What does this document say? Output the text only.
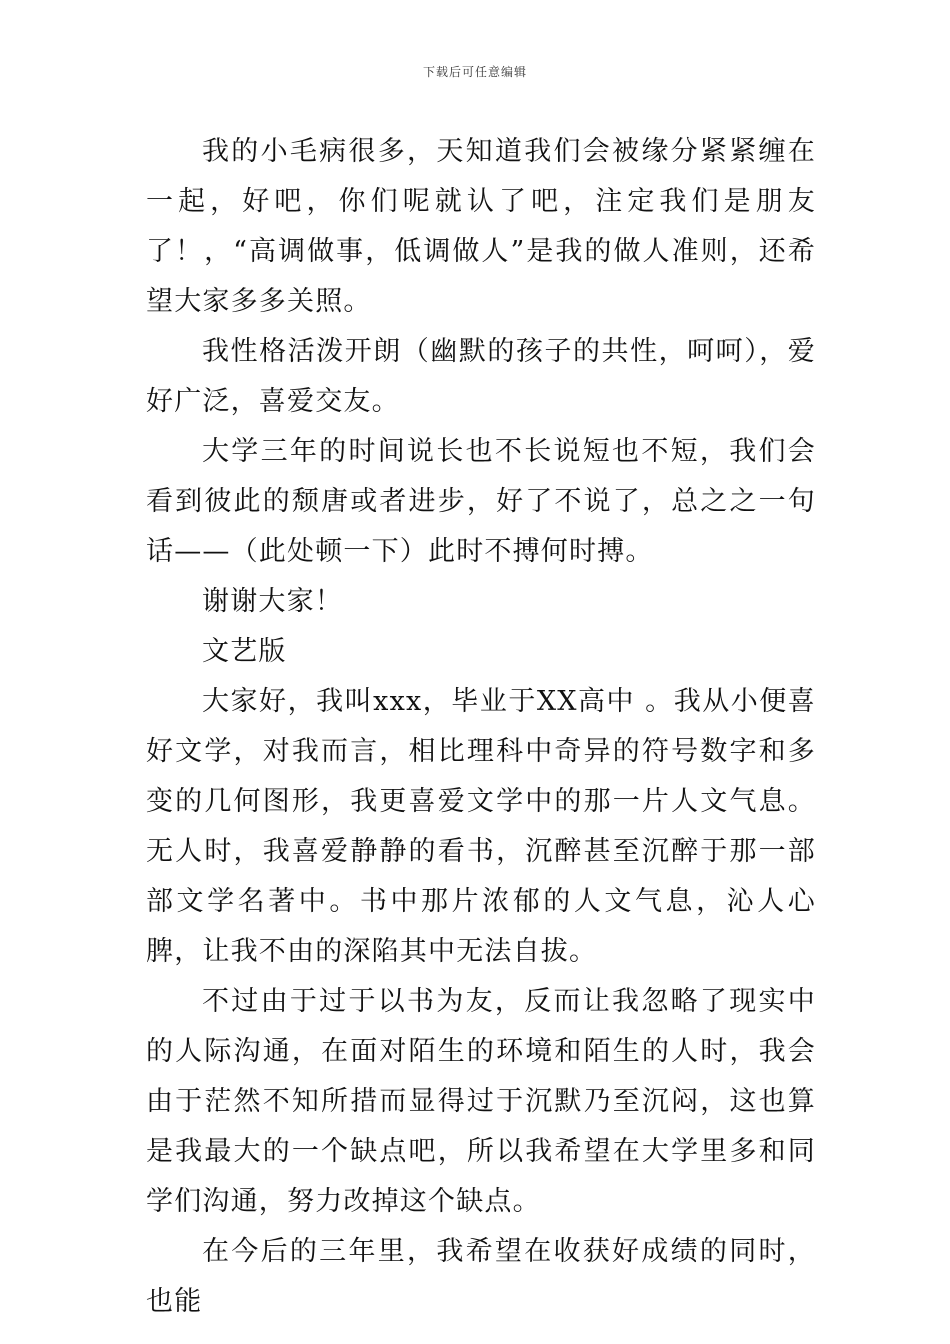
下载后可任意编辑

我的小毛病很多，天知道我们会被缘分紧紧缠在一起，好吧，你们呢就认了吧，注定我们是朋友了！，“高调做事，低调做人”是我的做人准则，还希望大家多多关照。

我性格活泼开朗（幽默的孩子的共性，呵呵），爱好广泛，喜爱交友。

大学三年的时间说长也不长说短也不短，我们会看到彼此的颓唐或者进步，好了不说了，总之之一句话——（此处顿一下）此时不搏何时搏。

谢谢大家！

文艺版

大家好，我叫xxx，毕业于XX高中 。我从小便喜好文学，对我而言，相比理科中奇异的符号数字和多变的几何图形，我更喜爱文学中的那一片人文气息。无人时，我喜爱静静的看书，沉醉甚至沉醉于那一部部文学名著中。书中那片浓郁的人文气息，沁人心脾，让我不由的深陷其中无法自拔。

不过由于过于以书为友，反而让我忽略了现实中的人际沟通，在面对陌生的环境和陌生的人时，我会由于茫然不知所措而显得过于沉默乃至沉闷，这也算是我最大的一个缺点吧，所以我希望在大学里多和同学们沟通，努力改掉这个缺点。

在今后的三年里，我希望在收获好成绩的同时，也能
